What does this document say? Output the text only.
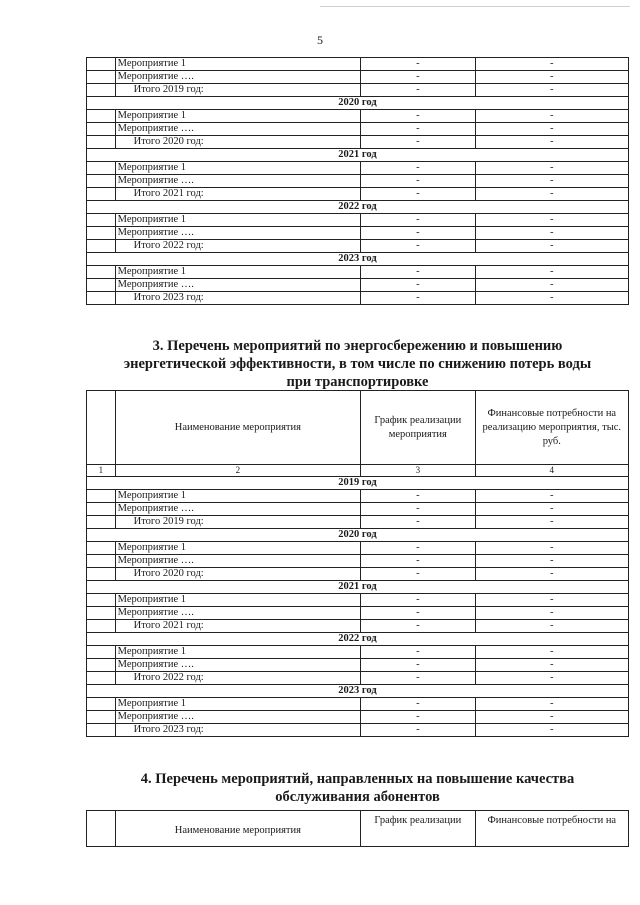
5
	Мероприятие 1	-	-
	Мероприятие ….	-	-
	Итого 2019 год:	-	-
2020 год			
	Мероприятие 1	-	-
	Мероприятие ….	-	-
	Итого 2020 год:	-	-
2021 год			
	Мероприятие 1	-	-
	Мероприятие ….	-	-
	Итого 2021 год:	-	-
2022 год			
	Мероприятие 1	-	-
	Мероприятие ….	-	-
	Итого 2022 год:	-	-
2023 год			
	Мероприятие 1	-	-
	Мероприятие ….	-	-
	Итого 2023 год:	-	-
3. Перечень мероприятий по энергосбережению и повышению
энергетической эффективности, в том числе по снижению потерь воды
при транспортировке
	Наименование мероприятия	График реализации мероприятия	Финансовые потребности на реализацию мероприятия, тыс. руб.
1	2	3	4
2019 год			
	Мероприятие 1	-	-
	Мероприятие ….	-	-
	Итого 2019 год:	-	-
2020 год			
	Мероприятие 1	-	-
	Мероприятие ….	-	-
	Итого 2020 год:	-	-
2021 год			
	Мероприятие 1	-	-
	Мероприятие ….	-	-
	Итого 2021 год:	-	-
2022 год			
	Мероприятие 1	-	-
	Мероприятие ….	-	-
	Итого 2022 год:	-	-
2023 год			
	Мероприятие 1	-	-
	Мероприятие ….	-	-
	Итого 2023 год:	-	-
4. Перечень мероприятий, направленных на повышение качества
обслуживания абонентов
	Наименование мероприятия	График реализации	Финансовые потребности на
